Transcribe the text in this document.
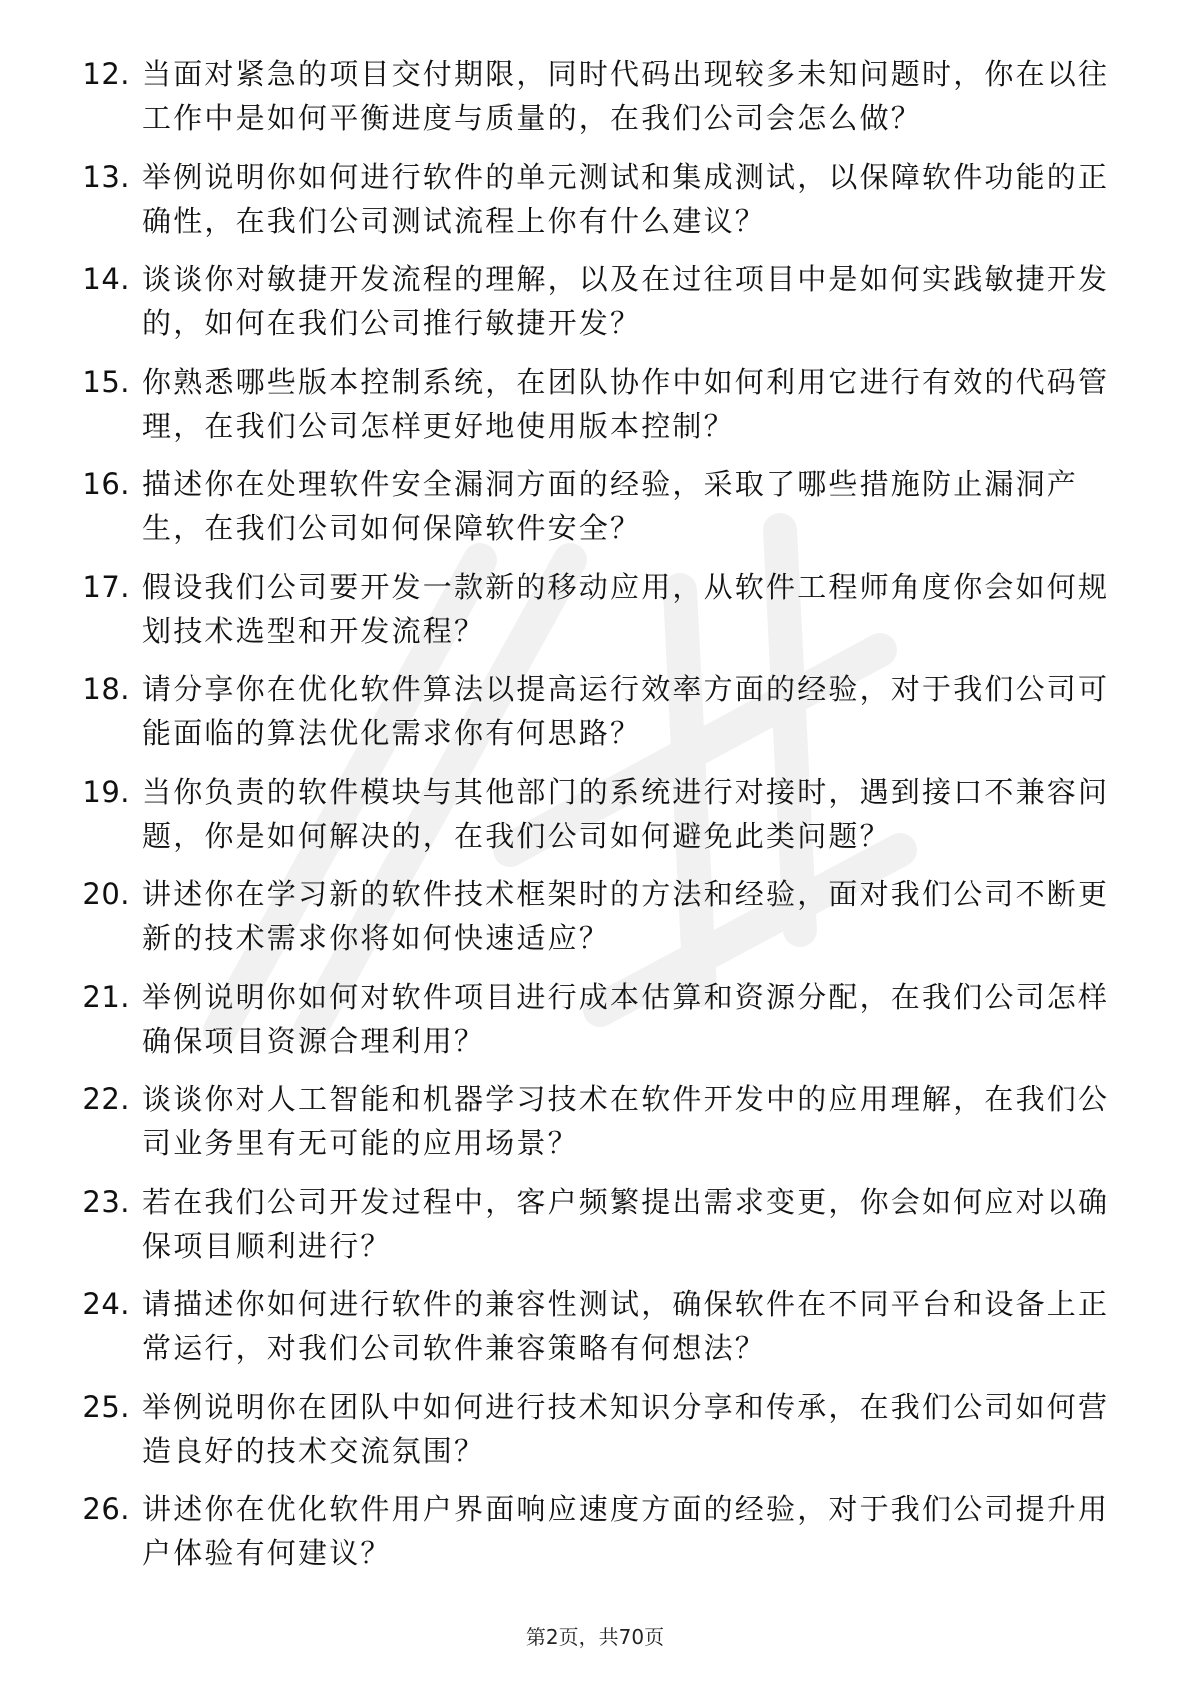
12. 当面对紧急的项目交付期限，同时代码出现较多未知问题时，你在以往工作中是如何平衡进度与质量的，在我们公司会怎么做？
13. 举例说明你如何进行软件的单元测试和集成测试，以保障软件功能的正确性，在我们公司测试流程上你有什么建议？
14. 谈谈你对敏捷开发流程的理解，以及在过往项目中是如何实践敏捷开发的，如何在我们公司推行敏捷开发？
15. 你熟悉哪些版本控制系统，在团队协作中如何利用它进行有效的代码管理，在我们公司怎样更好地使用版本控制？
16. 描述你在处理软件安全漏洞方面的经验，采取了哪些措施防止漏洞产生，在我们公司如何保障软件安全？
17. 假设我们公司要开发一款新的移动应用，从软件工程师角度你会如何规划技术选型和开发流程？
18. 请分享你在优化软件算法以提高运行效率方面的经验，对于我们公司可能面临的算法优化需求你有何思路？
19. 当你负责的软件模块与其他部门的系统进行对接时，遇到接口不兼容问题，你是如何解决的，在我们公司如何避免此类问题？
20. 讲述你在学习新的软件技术框架时的方法和经验，面对我们公司不断更新的技术需求你将如何快速适应？
21. 举例说明你如何对软件项目进行成本估算和资源分配，在我们公司怎样确保项目资源合理利用？
22. 谈谈你对人工智能和机器学习技术在软件开发中的应用理解，在我们公司业务里有无可能的应用场景？
23. 若在我们公司开发过程中，客户频繁提出需求变更，你会如何应对以确保项目顺利进行？
24. 请描述你如何进行软件的兼容性测试，确保软件在不同平台和设备上正常运行，对我们公司软件兼容策略有何想法？
25. 举例说明你在团队中如何进行技术知识分享和传承，在我们公司如何营造良好的技术交流氛围？
26. 讲述你在优化软件用户界面响应速度方面的经验，对于我们公司提升用户体验有何建议？
第2页，共70页
